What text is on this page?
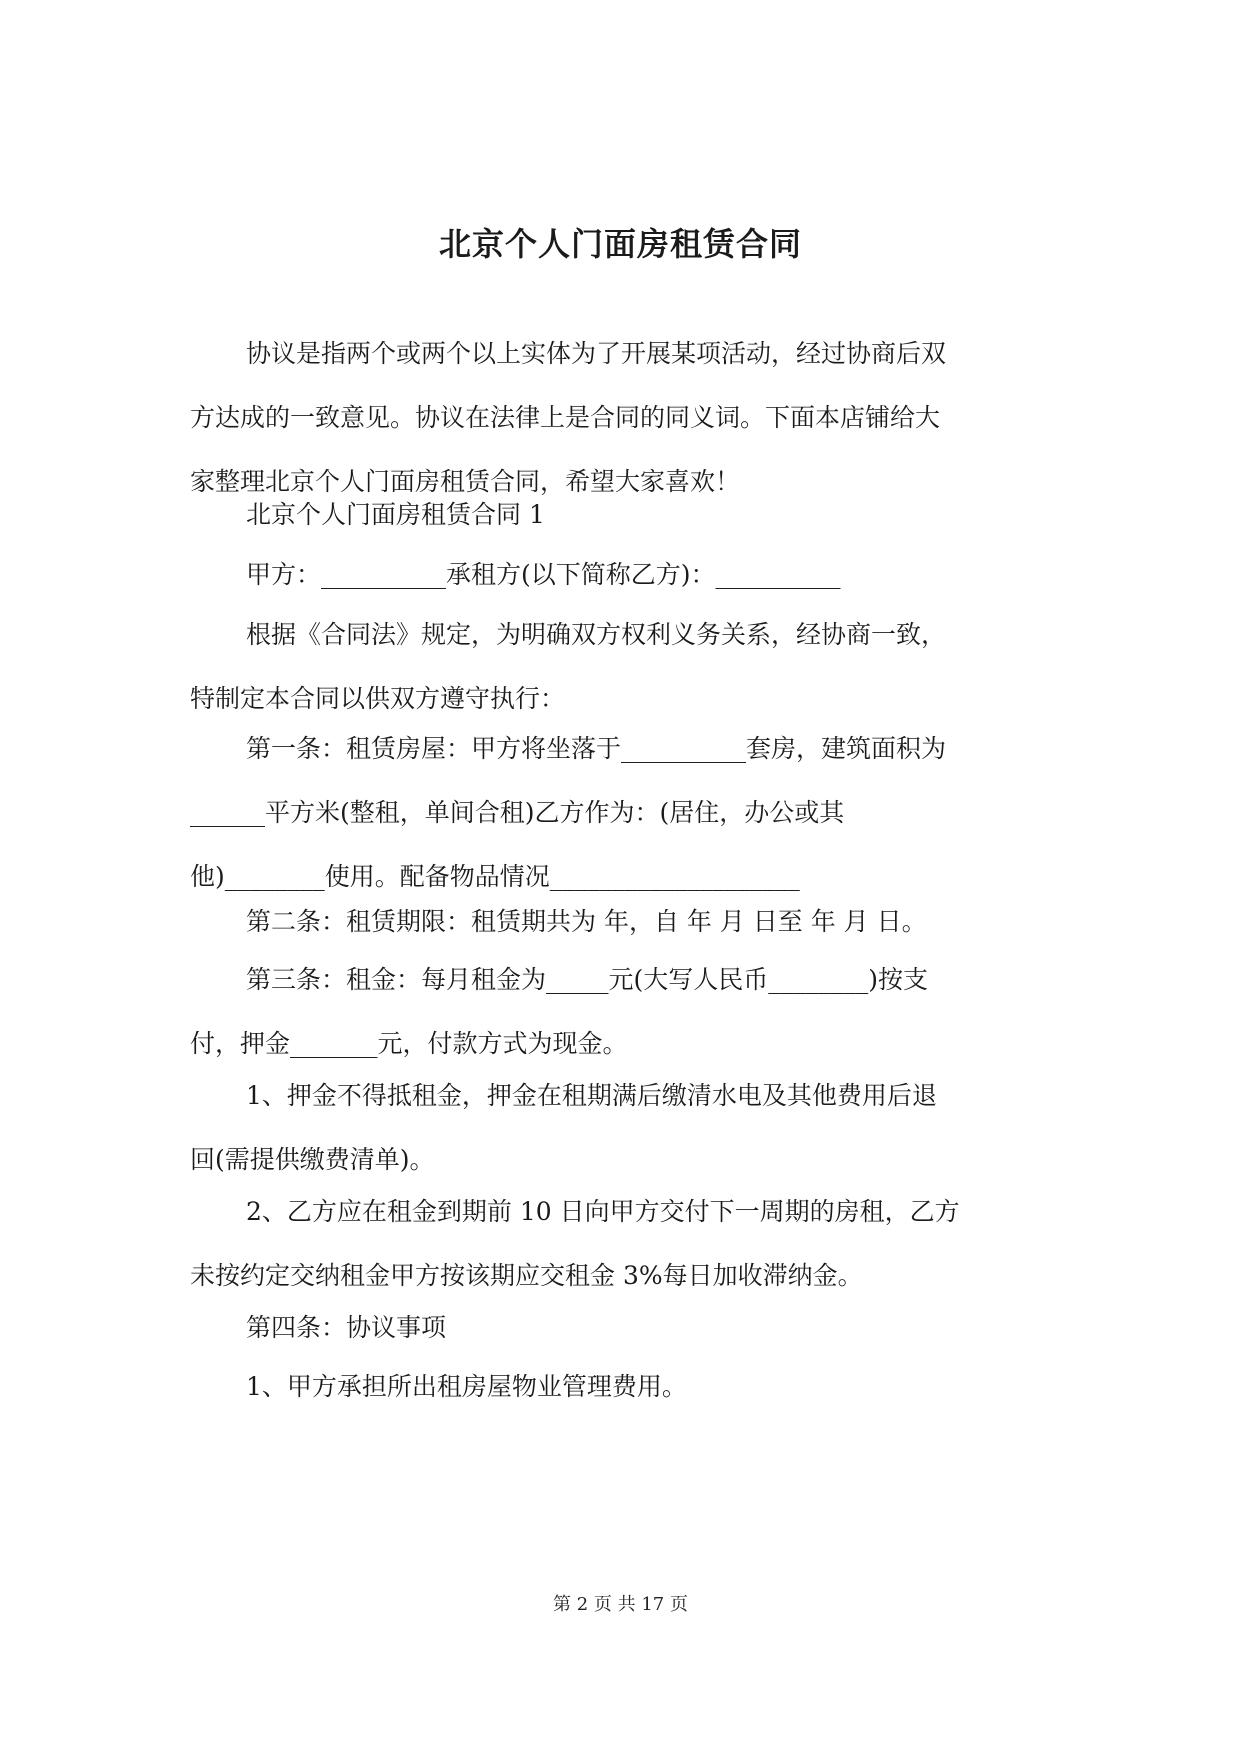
北京个人门面房租赁合同
协议是指两个或两个以上实体为了开展某项活动，经过协商后双
方达成的一致意见。协议在法律上是合同的同义词。下面本店铺给大
家整理北京个人门面房租赁合同，希望大家喜欢！
北京个人门面房租赁合同 1
甲方：__________承租方(以下简称乙方)：__________
根据《合同法》规定，为明确双方权利义务关系，经协商一致，
特制定本合同以供双方遵守执行：
第一条：租赁房屋：甲方将坐落于__________套房，建筑面积为
______平方米(整租，单间合租)乙方作为：(居住，办公或其
他)________使用。配备物品情况____________________
第二条：租赁期限：租赁期共为 年，自 年 月 日至 年 月 日。
第三条：租金：每月租金为_____元(大写人民币________)按支
付，押金_______元，付款方式为现金。
1、押金不得抵租金，押金在租期满后缴清水电及其他费用后退
回(需提供缴费清单)。
2、乙方应在租金到期前 10 日向甲方交付下一周期的房租，乙方
未按约定交纳租金甲方按该期应交租金 3%每日加收滞纳金。
第四条：协议事项
1、甲方承担所出租房屋物业管理费用。
第 2 页 共 17 页
